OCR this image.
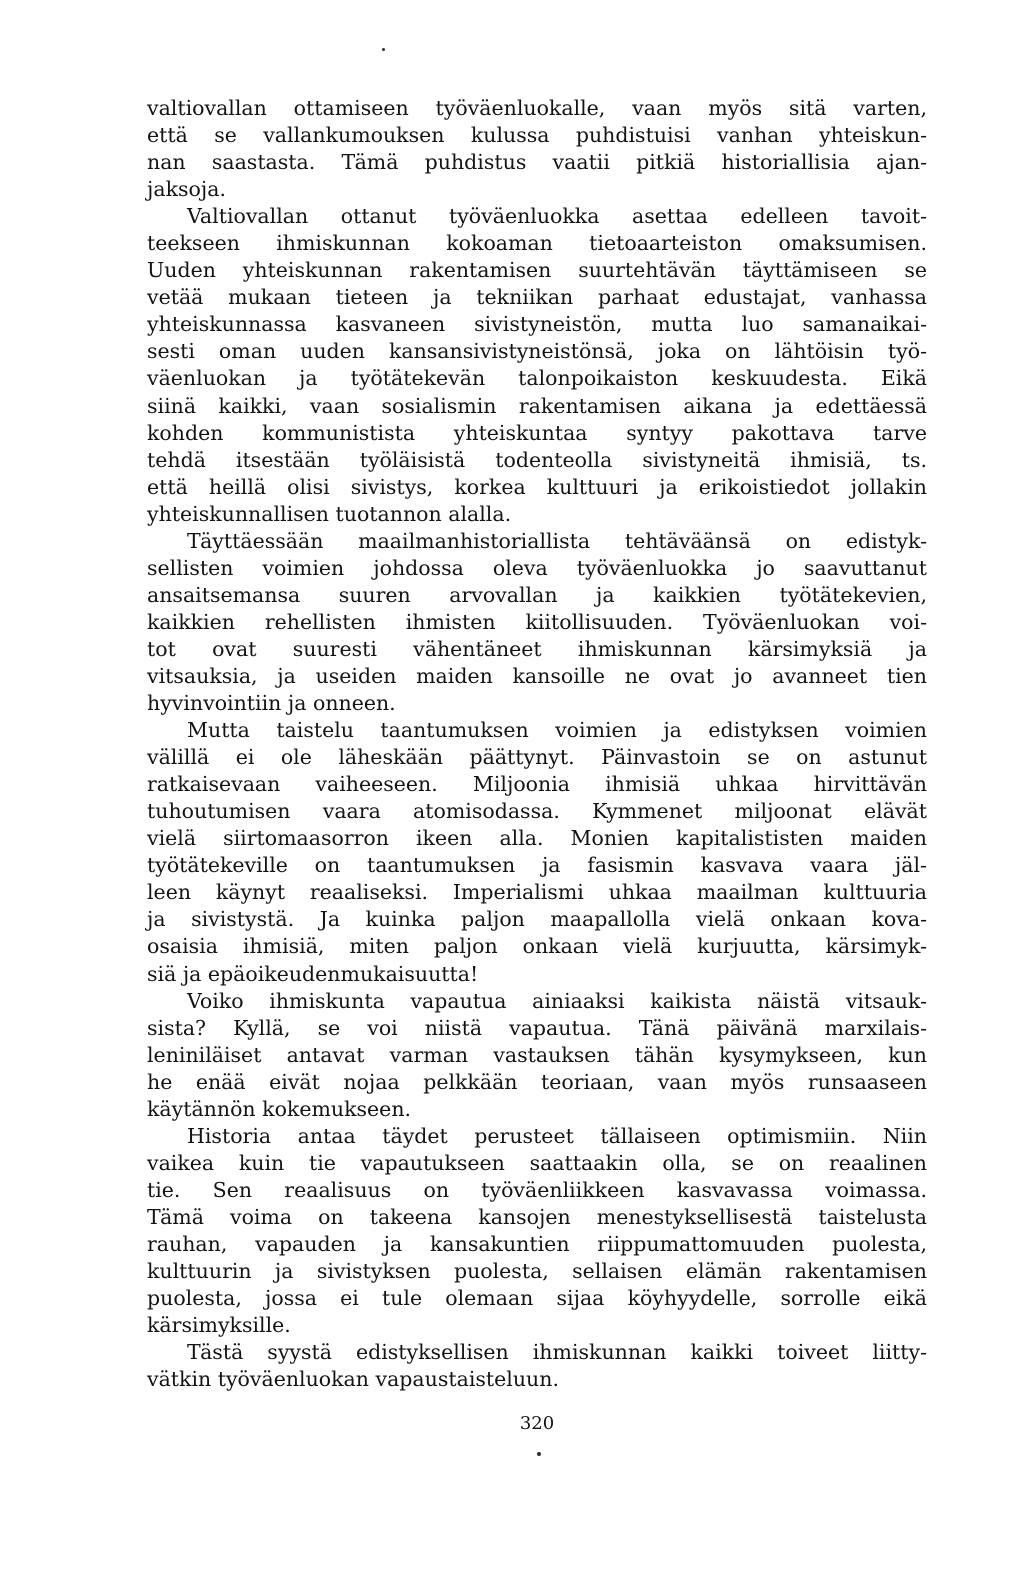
valtiovallan ottamiseen työväenluokalle, vaan myös sitä varten,
että se vallankumouksen kulussa puhdistuisi vanhan yhteiskun-
nan saastasta. Tämä puhdistus vaatii pitkiä historiallisia ajan-
jaksoja.

Valtiovallan ottanut työväenluokka asettaa edelleen tavoit-
teekseen ihmiskunnan kokoaman tietoaarteiston omaksumisen.
Uuden yhteiskunnan rakentamisen suurtehtävän täyttämiseen se
vetää mukaan tieteen ja tekniikan parhaat edustajat, vanhassa
yhteiskunnassa kasvaneen sivistyneistön, mutta luo samanaikai-
sesti oman uuden kansansivistyneistönsä, joka on lähtöisin työ-
väenluokan ja työtätekevän talonpoikaiston keskuudesta. Eikä
siinä kaikki, vaan sosialismin rakentamisen aikana ja edettäessä
kohden kommunistista yhteiskuntaa syntyy pakottava tarve
tehdä itsestään työläisistä todenteolla sivistyneitä ihmisiä, ts.
että heillä olisi sivistys, korkea kulttuuri ja erikoistiedot jollakin
yhteiskunnallisen tuotannon alalla.

Täyttäessään maailmanhistoriallista tehtäväänsä on edistyk-
sellisten voimien johdossa oleva työväenluokka jo saavuttanut
ansaitsemansa suuren arvovallan ja kaikkien työtätekevien,
kaikkien rehellisten ihmisten kiitollisuuden. Työväenluokan voi-
tot ovat suuresti vähentäneet ihmiskunnan kärsimyksiä ja
vitsauksia, ja useiden maiden kansoille ne ovat jo avanneet tien
hyvinvointiin ja onneen.

Mutta taistelu taantumuksen voimien ja edistyksen voimien
välillä ei ole läheskään päättynyt. Päinvastoin se on astunut
ratkaisevaan vaiheeseen. Miljoonia ihmisiä uhkaa hirvittävän
tuhoutumisen vaara atomisodassa. Kymmenet miljoonat elävät
vielä siirtomaasorron ikeen alla. Monien kapitalististen maiden
työtätekeville on taantumuksen ja fasismin kasvava vaara jäl-
leen käynyt reaaliseksi. Imperialismi uhkaa maailman kulttuuria
ja sivistystä. Ja kuinka paljon maapallolla vielä onkaan kova-
osaisia ihmisiä, miten paljon onkaan vielä kurjuutta, kärsimyk-
siä ja epäoikeudenmukaisuutta!

Voiko ihmiskunta vapautua ainiaaksi kaikista näistä vitsauk-
sista? Kyllä, se voi niistä vapautua. Tänä päivänä marxilais-
leniniläiset antavat varman vastauksen tähän kysymykseen, kun
he enää eivät nojaa pelkkään teoriaan, vaan myös runsaaseen
käytännön kokemukseen.

Historia antaa täydet perusteet tällaiseen optimismiin. Niin
vaikea kuin tie vapautukseen saattaakin olla, se on reaalinen
tie. Sen reaalisuus on työväenliikkeen kasvavassa voimassa.
Tämä voima on takeena kansojen menestyksellisestä taistelusta
rauhan, vapauden ja kansakuntien riippumattomuuden puolesta,
kulttuurin ja sivistyksen puolesta, sellaisen elämän rakentamisen
puolesta, jossa ei tule olemaan sijaa köyhyydelle, sorrolle eikä
kärsimyksille.

Tästä syystä edistyksellisen ihmiskunnan kaikki toiveet liitty-
vätkin työväenluokan vapaustaisteluun.

320
